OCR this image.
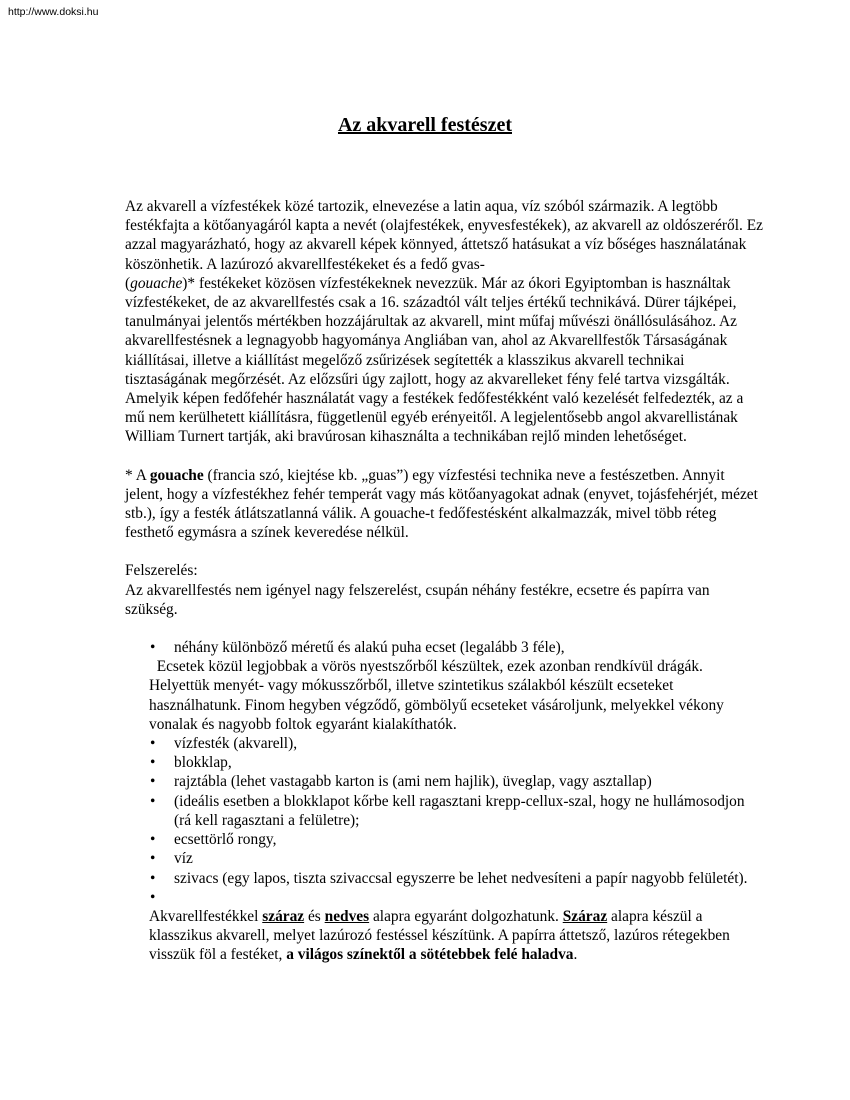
http://www.doksi.hu
Az akvarell festészet

Az akvarell a vízfestékek közé tartozik, elnevezése a latin aqua, víz szóból származik. A legtöbb festékfajta a kötőanyagáról kapta a nevét (olajfestékek, enyvesfestékek), az akvarell az oldószeréről. Ez azzal magyarázható, hogy az akvarell képek könnyed, áttetsző hatásukat a víz bőséges használatának köszönhetik. A lazúrozó akvarellfestékeket és a fedő gvas-
(gouache)* festékeket közösen vízfestékeknek nevezzük. Már az ókori Egyiptomban is használtak vízfestékeket, de az akvarellfestés csak a 16. századtól vált teljes értékű technikává. Dürer tájképei, tanulmányai jelentős mértékben hozzájárultak az akvarell, mint műfaj művészi önállósulásához. Az akvarellfestésnek a legnagyobb hagyománya Angliában van, ahol az Akvarellfestők Társaságának kiállításai, illetve a kiállítást megelőző zsűrizések segítették a klasszikus akvarell technikai tisztaságának megőrzését. Az előzsűri úgy zajlott, hogy az akvarelleket fény felé tartva vizsgálták. Amelyik képen fedőfehér használatát vagy a festékek fedőfestékként való kezelését felfedezték, az a mű nem kerülhetett kiállításra, függetlenül egyéb erényeitől. A legjelentősebb angol akvarellistának William Turnert tartják, aki bravúrosan kihasználta a technikában rejlő minden lehetőséget.

* A gouache (francia szó, kiejtése kb. „guas”) egy vízfestési technika neve a festészetben. Annyit jelent, hogy a vízfestékhez fehér temperát vagy más kötőanyagokat adnak (enyvet, tojásfehérjét, mézet stb.), így a festék átlátszatlanná válik. A gouache-t fedőfestésként alkalmazzák, mivel több réteg festhető egymásra a színek keveredése nélkül.

Felszerelés:

Az akvarellfestés nem igényel nagy felszerelést, csupán néhány festékre, ecsetre és papírra van szükség.

• néhány különböző méretű és alakú puha ecset (legalább 3 féle),

Ecsetek közül legjobbak a vörös nyestszőrből készültek, ezek azonban rendkívül drágák. Helyettük menyét- vagy mókusszőrből, illetve szintetikus szálakból készült ecseteket használhatunk. Finom hegyben végződő, gömbölyű ecseteket vásároljunk, melyekkel vékony vonalak és nagyobb foltok egyaránt kialakíthatók.

• vízfesték (akvarell),
• blokklap,
• rajztábla (lehet vastagabb karton is (ami nem hajlik), üveglap, vagy asztallap)
• (ideális esetben a blokklapot kőrbe kell ragasztani krepp-cellux-szal, hogy ne hullámosodjon (rá kell ragasztani a felületre);
• ecsettörlő rongy,
• víz
• szivacs (egy lapos, tiszta szivaccsal egyszerre be lehet nedvesíteni a papír nagyobb felületét).
•

Akvarellfestékkel száraz és nedves alapra egyaránt dolgozhatunk. Száraz alapra készül a klasszikus akvarell, melyet lazúrozó festéssel készítünk. A papírra áttetsző, lazúros rétegekben visszük föl a festéket, a világos színektől a sötétebbek felé haladva.
